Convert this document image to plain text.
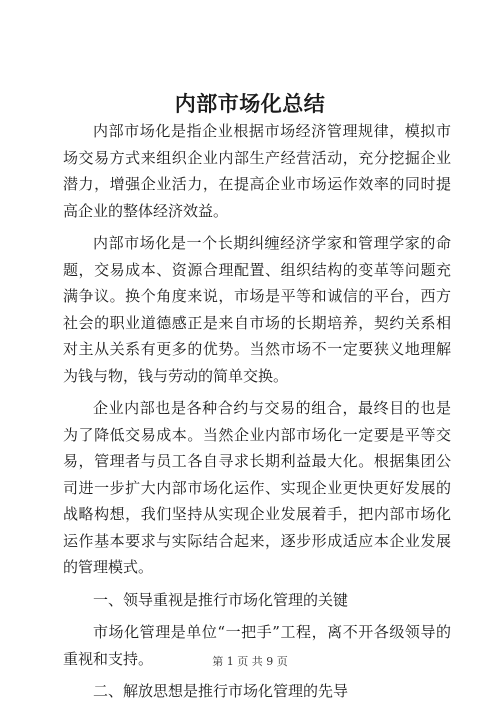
内部市场化总结

内部市场化是指企业根据市场经济管理规律，模拟市场交易方式来组织企业内部生产经营活动，充分挖掘企业潜力，增强企业活力，在提高企业市场运作效率的同时提高企业的整体经济效益。

内部市场化是一个长期纠缠经济学家和管理学家的命题，交易成本、资源合理配置、组织结构的变革等问题充满争议。换个角度来说，市场是平等和诚信的平台，西方社会的职业道德感正是来自市场的长期培养，契约关系相对主从关系有更多的优势。当然市场不一定要狭义地理解为钱与物，钱与劳动的简单交换。

企业内部也是各种合约与交易的组合，最终目的也是为了降低交易成本。当然企业内部市场化一定要是平等交易，管理者与员工各自寻求长期利益最大化。根据集团公司进一步扩大内部市场化运作、实现企业更快更好发展的战略构想，我们坚持从实现企业发展着手，把内部市场化运作基本要求与实际结合起来，逐步形成适应本企业发展的管理模式。

一、领导重视是推行市场化管理的关键

市场化管理是单位“一把手”工程，离不开各级领导的重视和支持。

二、解放思想是推行市场化管理的先导

第 1 页 共 9 页
